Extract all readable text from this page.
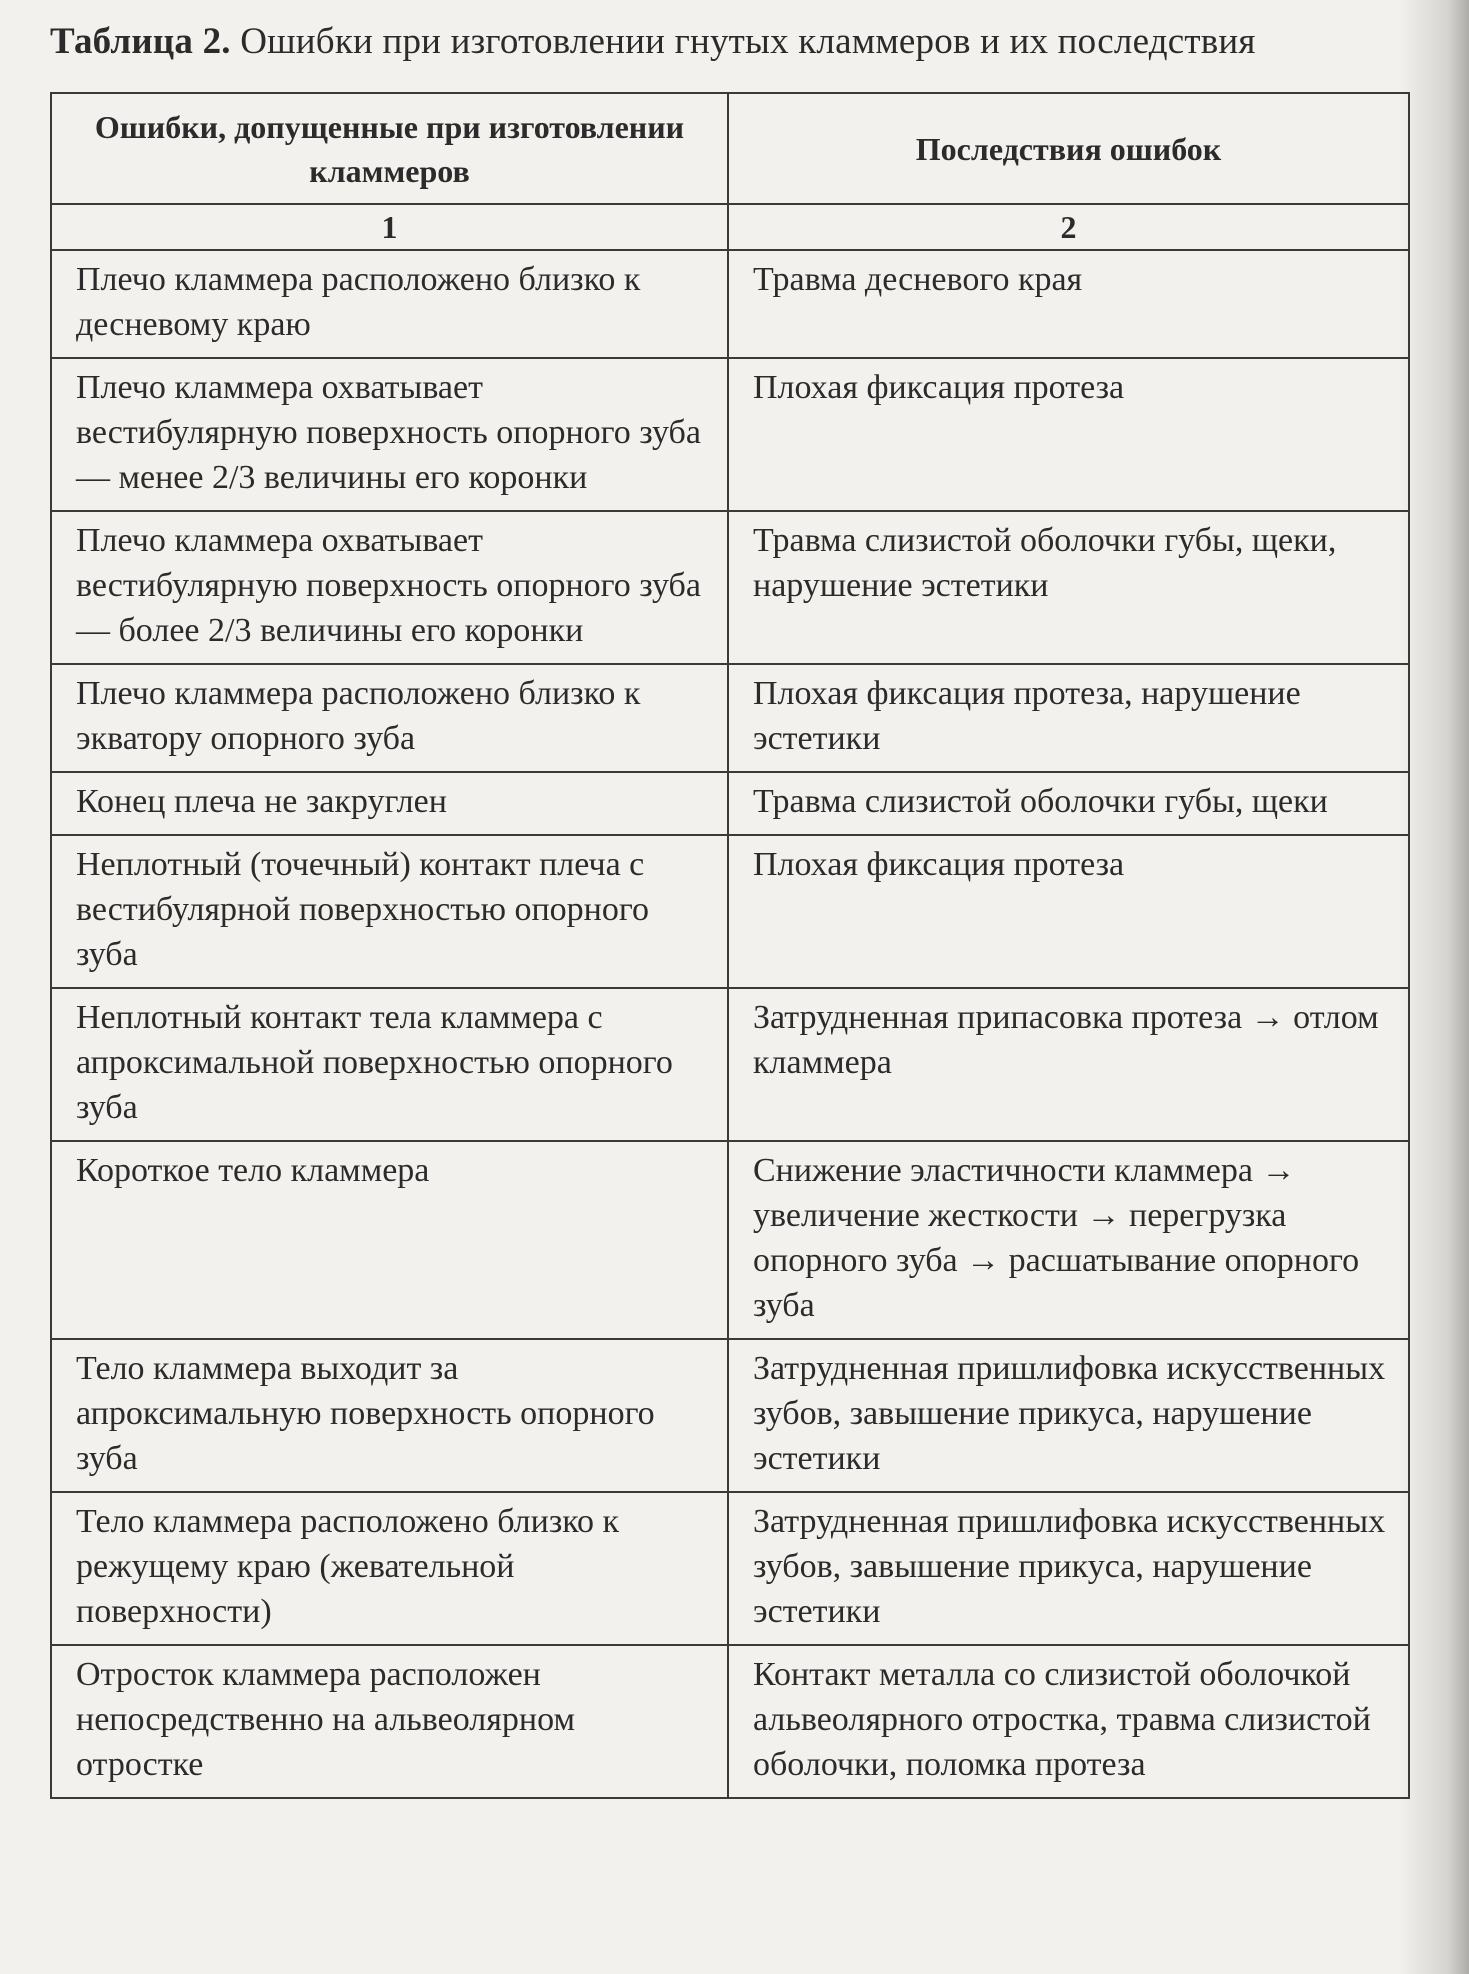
Таблица 2. Ошибки при изготовлении гнутых кламмеров и их последствия
Ошибки, допущенные при изготовлении кламмеров	Последствия ошибок
1	2
Плечо кламмера расположено близко к десневому краю	Травма десневого края
Плечо кламмера охватывает вестибулярную поверхность опорного зуба — менее 2/3 величины его коронки	Плохая фиксация протеза
Плечо кламмера охватывает вестибулярную поверхность опорного зуба — более 2/3 величины его коронки	Травма слизистой оболочки губы, щеки, нарушение эстетики
Плечо кламмера расположено близко к экватору опорного зуба	Плохая фиксация протеза, нарушение эстетики
Конец плеча не закруглен	Травма слизистой оболочки губы, щеки
Неплотный (точечный) контакт плеча с вестибулярной поверхностью опорного зуба	Плохая фиксация протеза
Неплотный контакт тела кламмера с апроксимальной поверхностью опорного зуба	Затрудненная припасовка протеза → отлом кламмера
Короткое тело кламмера	Снижение эластичности кламмера → увеличение жесткости → перегрузка опорного зуба → расшатывание опорного зуба
Тело кламмера выходит за апроксимальную поверхность опорного зуба	Затрудненная пришлифовка искусственных зубов, завышение прикуса, нарушение эстетики
Тело кламмера расположено близко к режущему краю (жевательной поверхности)	Затрудненная пришлифовка искусственных зубов, завышение прикуса, нарушение эстетики
Отросток кламмера расположен непосредственно на альвеолярном отростке	Контакт металла со слизистой оболочкой альвеолярного отростка, травма слизистой оболочки, поломка протеза
